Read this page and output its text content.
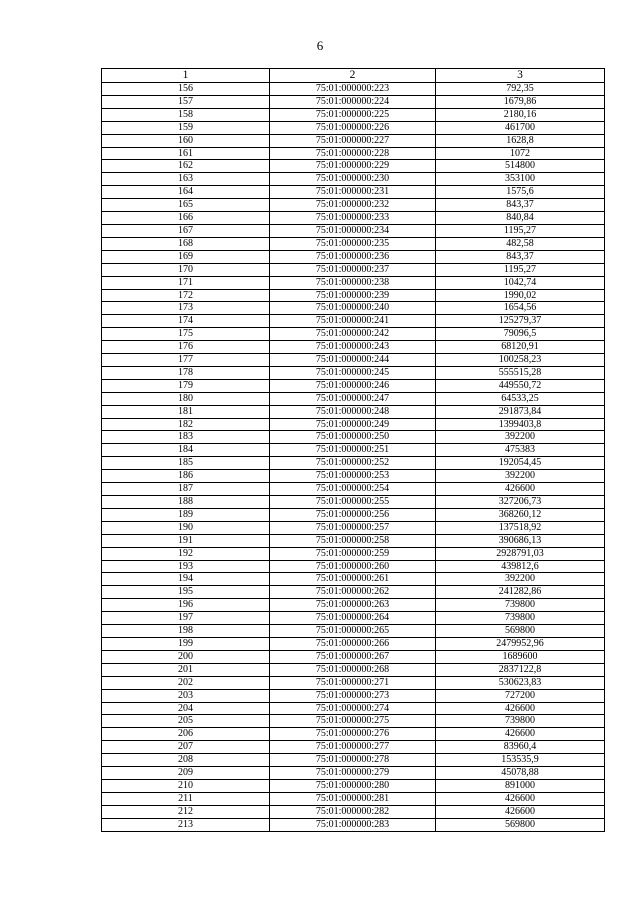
6
1	2	3
156	75:01:000000:223	792,35
157	75:01:000000:224	1679,86
158	75:01:000000:225	2180,16
159	75:01:000000:226	461700
160	75:01:000000:227	1628,8
161	75:01:000000:228	1072
162	75:01:000000:229	514800
163	75:01:000000:230	353100
164	75:01:000000:231	1575,6
165	75:01:000000:232	843,37
166	75:01:000000:233	840,84
167	75:01:000000:234	1195,27
168	75:01:000000:235	482,58
169	75:01:000000:236	843,37
170	75:01:000000:237	1195,27
171	75:01:000000:238	1042,74
172	75:01:000000:239	1990,02
173	75:01:000000:240	1654,56
174	75:01:000000:241	125279,37
175	75:01:000000:242	79096,5
176	75:01:000000:243	68120,91
177	75:01:000000:244	100258,23
178	75:01:000000:245	555515,28
179	75:01:000000:246	449550,72
180	75:01:000000:247	64533,25
181	75:01:000000:248	291873,84
182	75:01:000000:249	1399403,8
183	75:01:000000:250	392200
184	75:01:000000:251	475383
185	75:01:000000:252	192054,45
186	75:01:000000:253	392200
187	75:01:000000:254	426600
188	75:01:000000:255	327206,73
189	75:01:000000:256	368260,12
190	75:01:000000:257	137518,92
191	75:01:000000:258	390686,13
192	75:01:000000:259	2928791,03
193	75:01:000000:260	439812,6
194	75:01:000000:261	392200
195	75:01:000000:262	241282,86
196	75:01:000000:263	739800
197	75:01:000000:264	739800
198	75:01:000000:265	569800
199	75:01:000000:266	2479952,96
200	75:01:000000:267	1689600
201	75:01:000000:268	2837122,8
202	75:01:000000:271	530623,83
203	75:01:000000:273	727200
204	75:01:000000:274	426600
205	75:01:000000:275	739800
206	75:01:000000:276	426600
207	75:01:000000:277	83960,4
208	75:01:000000:278	153535,9
209	75:01:000000:279	45078,88
210	75:01:000000:280	891000
211	75:01:000000:281	426600
212	75:01:000000:282	426600
213	75:01:000000:283	569800
